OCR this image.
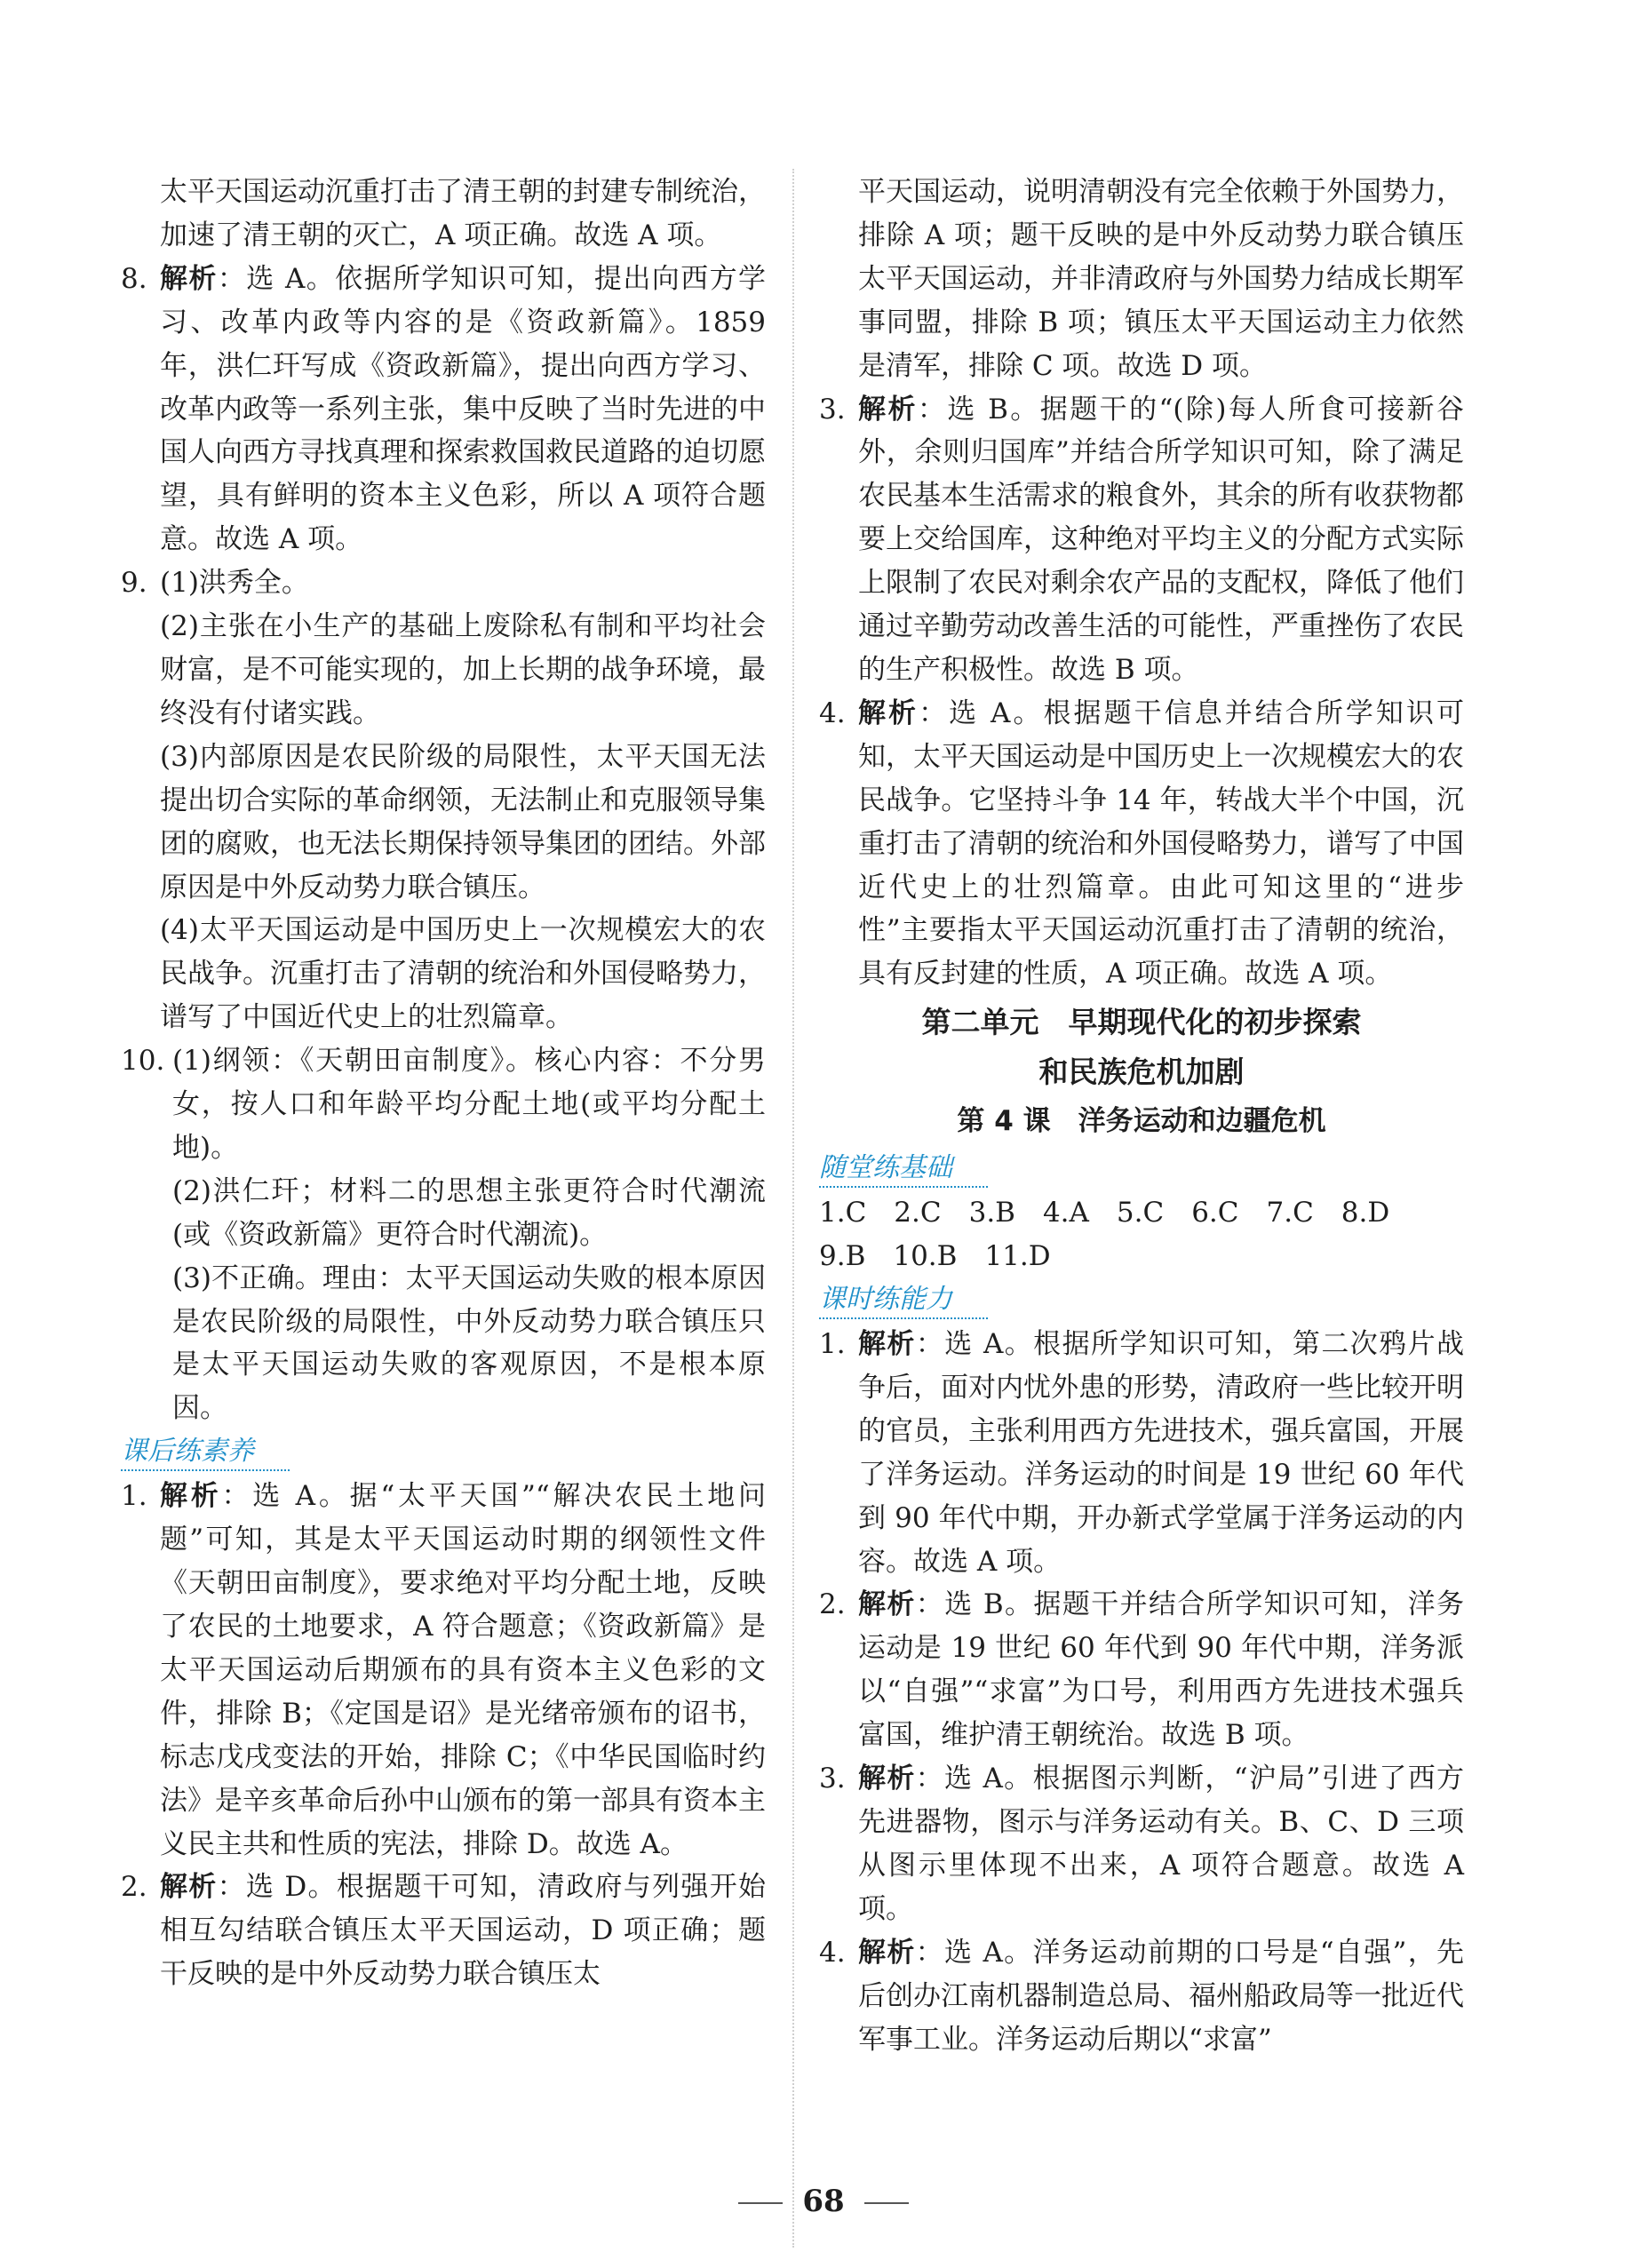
太平天国运动沉重打击了清王朝的封建专制统治，加速了清王朝的灭亡，A 项正确。故选 A 项。
8. 解析：选 A。依据所学知识可知，提出向西方学习、改革内政等内容的是《资政新篇》。1859 年，洪仁玕写成《资政新篇》，提出向西方学习、改革内政等一系列主张，集中反映了当时先进的中国人向西方寻找真理和探索救国救民道路的迫切愿望，具有鲜明的资本主义色彩，所以 A 项符合题意。故选 A 项。
9. (1)洪秀全。
(2)主张在小生产的基础上废除私有制和平均社会财富，是不可能实现的，加上长期的战争环境，最终没有付诸实践。
(3)内部原因是农民阶级的局限性，太平天国无法提出切合实际的革命纲领，无法制止和克服领导集团的腐败，也无法长期保持领导集团的团结。外部原因是中外反动势力联合镇压。
(4)太平天国运动是中国历史上一次规模宏大的农民战争。沉重打击了清朝的统治和外国侵略势力，谱写了中国近代史上的壮烈篇章。
10. (1)纲领：《天朝田亩制度》。核心内容：不分男女，按人口和年龄平均分配土地(或平均分配土地)。
(2)洪仁玕；材料二的思想主张更符合时代潮流(或《资政新篇》更符合时代潮流)。
(3)不正确。理由：太平天国运动失败的根本原因是农民阶级的局限性，中外反动势力联合镇压只是太平天国运动失败的客观原因，不是根本原因。
课后练素养
1. 解析：选 A。据“太平天国”“解决农民土地问题”可知，其是太平天国运动时期的纲领性文件《天朝田亩制度》，要求绝对平均分配土地，反映了农民的土地要求，A 符合题意；《资政新篇》是太平天国运动后期颁布的具有资本主义色彩的文件，排除 B；《定国是诏》是光绪帝颁布的诏书，标志戊戌变法的开始，排除 C；《中华民国临时约法》是辛亥革命后孙中山颁布的第一部具有资本主义民主共和性质的宪法，排除 D。故选 A。
2. 解析：选 D。根据题干可知，清政府与列强开始相互勾结联合镇压太平天国运动，D 项正确；题干反映的是中外反动势力联合镇压太
平天国运动，说明清朝没有完全依赖于外国势力，排除 A 项；题干反映的是中外反动势力联合镇压太平天国运动，并非清政府与外国势力结成长期军事同盟，排除 B 项；镇压太平天国运动主力依然是清军，排除 C 项。故选 D 项。
3. 解析：选 B。据题干的“(除)每人所食可接新谷外，余则归国库”并结合所学知识可知，除了满足农民基本生活需求的粮食外，其余的所有收获物都要上交给国库，这种绝对平均主义的分配方式实际上限制了农民对剩余农产品的支配权，降低了他们通过辛勤劳动改善生活的可能性，严重挫伤了农民的生产积极性。故选 B 项。
4. 解析：选 A。根据题干信息并结合所学知识可知，太平天国运动是中国历史上一次规模宏大的农民战争。它坚持斗争 14 年，转战大半个中国，沉重打击了清朝的统治和外国侵略势力，谱写了中国近代史上的壮烈篇章。由此可知这里的“进步性”主要指太平天国运动沉重打击了清朝的统治，具有反封建的性质，A 项正确。故选 A 项。
第二单元　早期现代化的初步探索
和民族危机加剧
第 4 课　洋务运动和边疆危机
随堂练基础
1.C　2.C　3.B　4.A　5.C　6.C　7.C　8.D
9.B　10.B　11.D
课时练能力
1. 解析：选 A。根据所学知识可知，第二次鸦片战争后，面对内忧外患的形势，清政府一些比较开明的官员，主张利用西方先进技术，强兵富国，开展了洋务运动。洋务运动的时间是 19 世纪 60 年代到 90 年代中期，开办新式学堂属于洋务运动的内容。故选 A 项。
2. 解析：选 B。据题干并结合所学知识可知，洋务运动是 19 世纪 60 年代到 90 年代中期，洋务派以“自强”“求富”为口号，利用西方先进技术强兵富国，维护清王朝统治。故选 B 项。
3. 解析：选 A。根据图示判断，“沪局”引进了西方先进器物，图示与洋务运动有关。B、C、D 三项从图示里体现不出来，A 项符合题意。故选 A 项。
4. 解析：选 A。洋务运动前期的口号是“自强”，先后创办江南机器制造总局、福州船政局等一批近代军事工业。洋务运动后期以“求富”
68
